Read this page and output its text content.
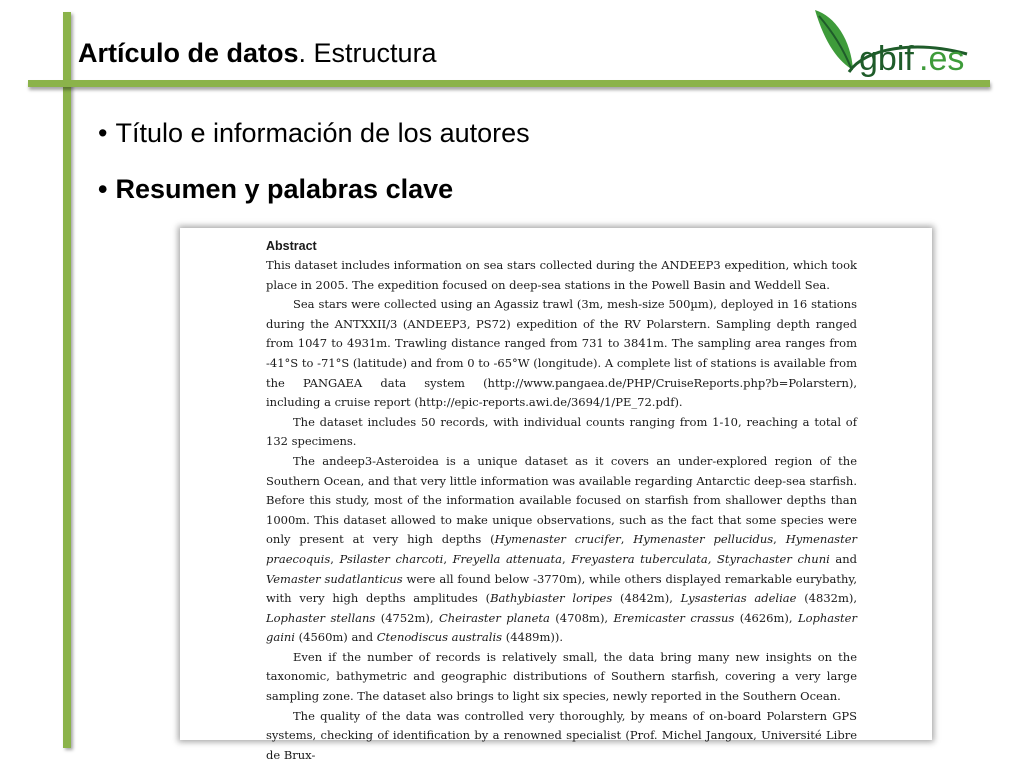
Artículo de datos. Estructura	gbif .es
• Título e información de los autores
• Resumen y palabras clave
Abstract

This dataset includes information on sea stars collected during the ANDEEP3 expedition, which took place in 2005. The expedition focused on deep-sea stations in the Powell Basin and Weddell Sea.

Sea stars were collected using an Agassiz trawl (3m, mesh-size 500µm), deployed in 16 stations during the ANTXXII/3 (ANDEEP3, PS72) expedition of the RV Polarstern. Sampling depth ranged from 1047 to 4931m. Trawling distance ranged from 731 to 3841m. The sampling area ranges from -41°S to -71°S (latitude) and from 0 to -65°W (longitude). A complete list of stations is available from the PANGAEA data system (http://www.pangaea.de/PHP/CruiseReports.php?b=Polarstern), including a cruise report (http://epic-reports.awi.de/3694/1/PE_72.pdf).

The dataset includes 50 records, with individual counts ranging from 1-10, reaching a total of 132 specimens.

The andeep3-Asteroidea is a unique dataset as it covers an under-explored region of the Southern Ocean, and that very little information was available regarding Antarctic deep-sea starfish. Before this study, most of the information available focused on starfish from shallower depths than 1000m. This dataset allowed to make unique observations, such as the fact that some species were only present at very high depths (Hymenaster crucifer, Hymenaster pellucidus, Hymenaster praecoquis, Psilaster charcoti, Freyella attenuata, Freyastera tuberculata, Styrachaster chuni and Vemaster sudatlanticus were all found below -3770m), while others displayed remarkable eurybathy, with very high depths amplitudes (Bathybiaster loripes (4842m), Lysasterias adeliae (4832m), Lophaster stellans (4752m), Cheiraster planeta (4708m), Eremicaster crassus (4626m), Lophaster gaini (4560m) and Ctenodiscus australis (4489m)).

Even if the number of records is relatively small, the data bring many new insights on the taxonomic, bathymetric and geographic distributions of Southern starfish, covering a very large sampling zone. The dataset also brings to light six species, newly reported in the Southern Ocean.

The quality of the data was controlled very thoroughly, by means of on-board Polarstern GPS systems, checking of identification by a renowned specialist (Prof. Michel Jangoux, Université Libre de Brux-
